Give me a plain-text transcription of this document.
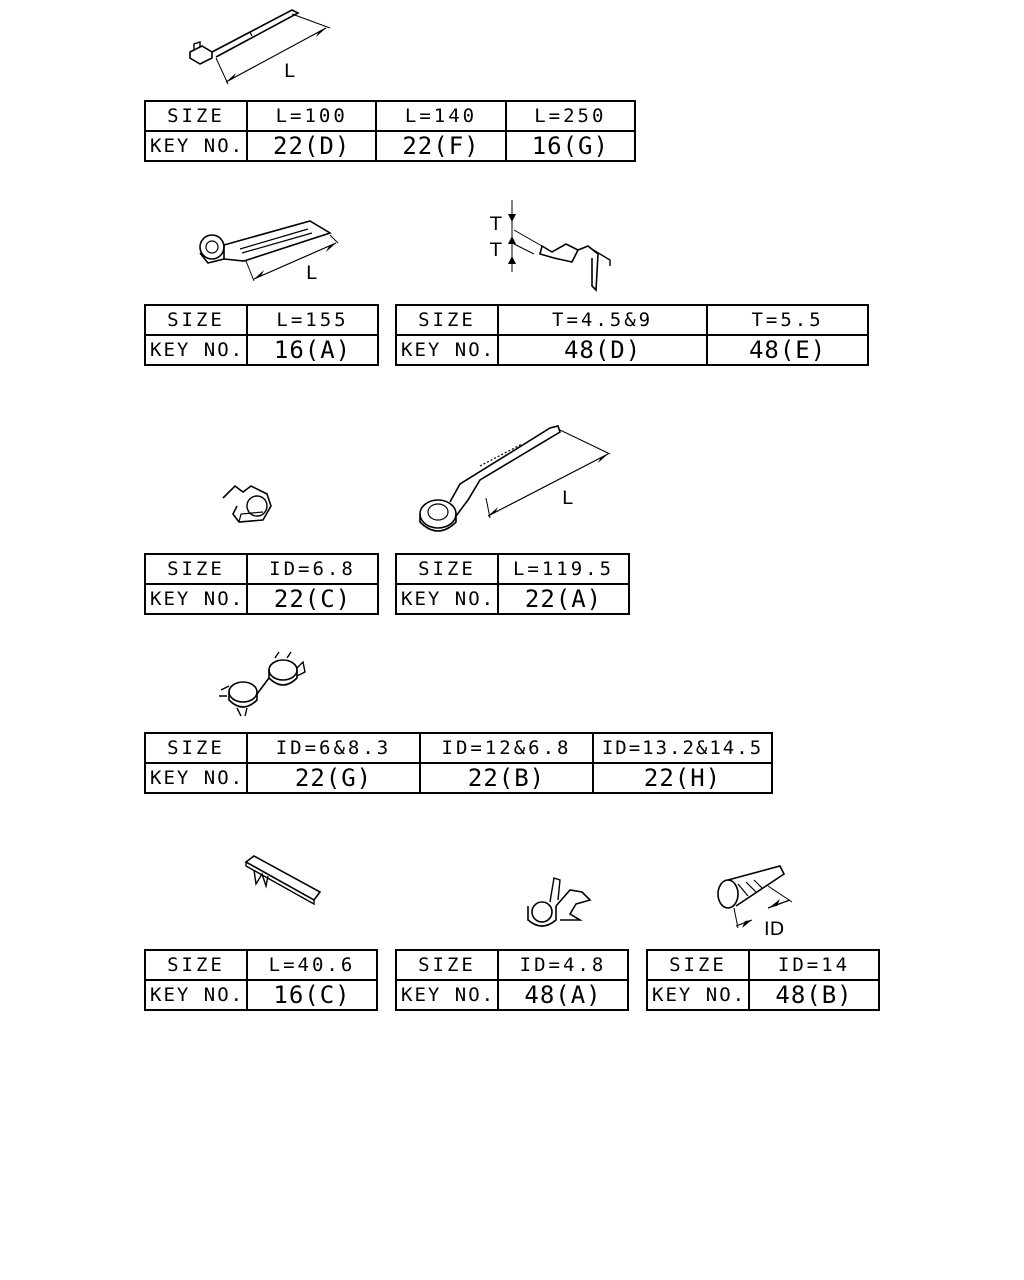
L
SIZE	L=100	L=140	L=250
KEY NO.	22(D)	22(F)	16(G)
L
T
T
SIZE	L=155
KEY NO.	16(A)
SIZE	T=4.5&9	T=5.5
KEY NO.	48(D)	48(E)
L
SIZE	ID=6.8
KEY NO.	22(C)
SIZE	L=119.5
KEY NO.	22(A)
SIZE	ID=6&8.3	ID=12&6.8	ID=13.2&14.5
KEY NO.	22(G)	22(B)	22(H)
ID
SIZE	L=40.6
KEY NO.	16(C)
SIZE	ID=4.8
KEY NO.	48(A)
SIZE	ID=14
KEY NO.	48(B)
